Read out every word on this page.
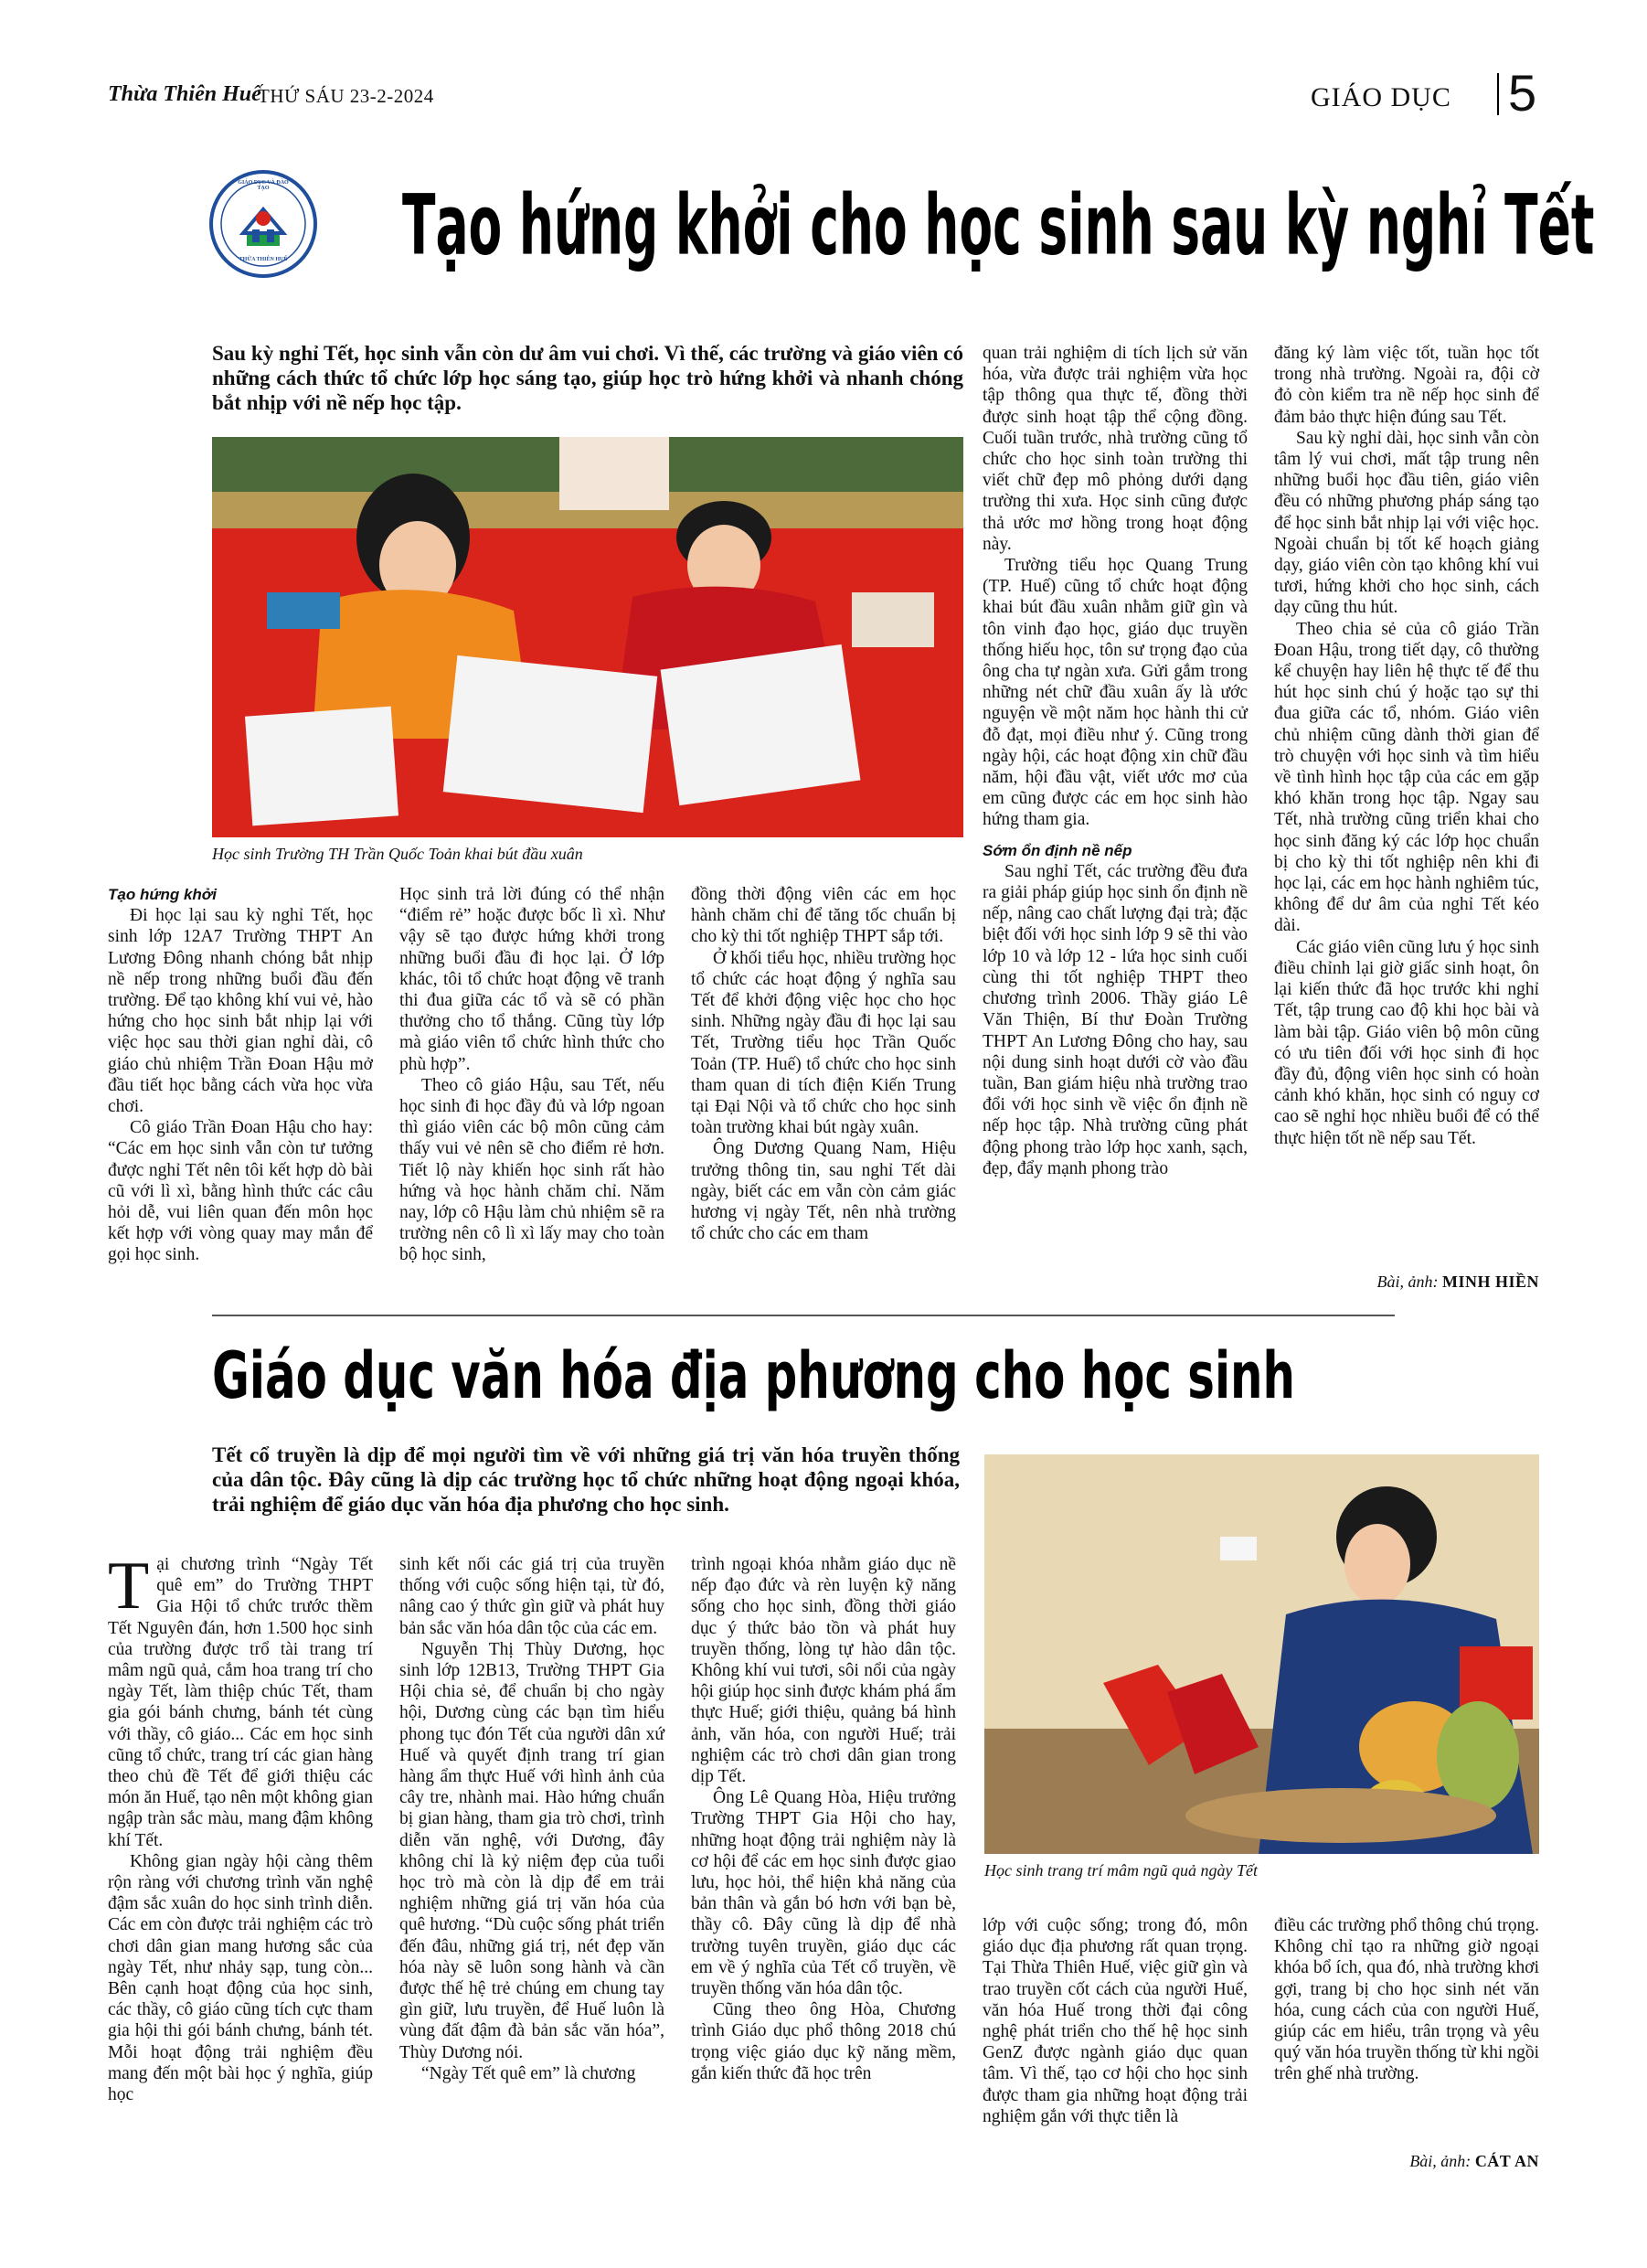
Thừa Thiên Huế
THỨ SÁU 23-2-2024	GIÁO DỤC 5
GIÁO DỤC VÀ ĐÀO TẠO
THỪA THIÊN HUẾ Tạo hứng khởi cho học sinh sau kỳ nghỉ Tết

Sau kỳ nghỉ Tết, học sinh vẫn còn dư âm vui chơi. Vì thế, các trường và giáo viên có những cách thức tổ chức lớp học sáng tạo, giúp học trò hứng khởi và nhanh chóng bắt nhịp với nề nếp học tập.

Học sinh Trường TH Trần Quốc Toản khai bút đầu xuân

Tạo hứng khởi

Đi học lại sau kỳ nghỉ Tết, học sinh lớp 12A7 Trường THPT An Lương Đông nhanh chóng bắt nhịp nề nếp trong những buổi đầu đến trường. Để tạo không khí vui vẻ, hào hứng cho học sinh bắt nhịp lại với việc học sau thời gian nghỉ dài, cô giáo chủ nhiệm Trần Đoan Hậu mở đầu tiết học bằng cách vừa học vừa chơi.

Cô giáo Trần Đoan Hậu cho hay: “Các em học sinh vẫn còn tư tưởng được nghỉ Tết nên tôi kết hợp dò bài cũ với lì xì, bằng hình thức các câu hỏi dễ, vui liên quan đến môn học kết hợp với vòng quay may mắn để gọi học sinh.

Học sinh trả lời đúng có thể nhận “điểm rẻ” hoặc được bốc lì xì. Như vậy sẽ tạo được hứng khởi trong những buổi đầu đi học lại. Ở lớp khác, tôi tổ chức hoạt động vẽ tranh thi đua giữa các tổ và sẽ có phần thưởng cho tổ thắng. Cũng tùy lớp mà giáo viên tổ chức hình thức cho phù hợp”.

Theo cô giáo Hậu, sau Tết, nếu học sinh đi học đầy đủ và lớp ngoan thì giáo viên các bộ môn cũng cảm thấy vui vẻ nên sẽ cho điểm rẻ hơn. Tiết lộ này khiến học sinh rất hào hứng và học hành chăm chỉ. Năm nay, lớp cô Hậu làm chủ nhiệm sẽ ra trường nên cô lì xì lấy may cho toàn bộ học sinh,

đồng thời động viên các em học hành chăm chỉ để tăng tốc chuẩn bị cho kỳ thi tốt nghiệp THPT sắp tới.

Ở khối tiểu học, nhiều trường học tổ chức các hoạt động ý nghĩa sau Tết để khởi động việc học cho học sinh. Những ngày đầu đi học lại sau Tết, Trường tiểu học Trần Quốc Toản (TP. Huế) tổ chức cho học sinh tham quan di tích điện Kiến Trung tại Đại Nội và tổ chức cho học sinh toàn trường khai bút ngày xuân.

Ông Dương Quang Nam, Hiệu trưởng thông tin, sau nghỉ Tết dài ngày, biết các em vẫn còn cảm giác hương vị ngày Tết, nên nhà trường tổ chức cho các em tham

quan trải nghiệm di tích lịch sử văn hóa, vừa được trải nghiệm vừa học tập thông qua thực tế, đồng thời được sinh hoạt tập thể cộng đồng. Cuối tuần trước, nhà trường cũng tổ chức cho học sinh toàn trường thi viết chữ đẹp mô phỏng dưới dạng trường thi xưa. Học sinh cũng được thả ước mơ hồng trong hoạt động này.

Trường tiểu học Quang Trung (TP. Huế) cũng tổ chức hoạt động khai bút đầu xuân nhằm giữ gìn và tôn vinh đạo học, giáo dục truyền thống hiếu học, tôn sư trọng đạo của ông cha tự ngàn xưa. Gửi gắm trong những nét chữ đầu xuân ấy là ước nguyện về một năm học hành thi cử đỗ đạt, mọi điều như ý. Cũng trong ngày hội, các hoạt động xin chữ đầu năm, hội đầu vật, viết ước mơ của em cũng được các em học sinh hào hứng tham gia.

Sớm ổn định nề nếp

Sau nghỉ Tết, các trường đều đưa ra giải pháp giúp học sinh ổn định nề nếp, nâng cao chất lượng đại trà; đặc biệt đối với học sinh lớp 9 sẽ thi vào lớp 10 và lớp 12 - lứa học sinh cuối cùng thi tốt nghiệp THPT theo chương trình 2006. Thầy giáo Lê Văn Thiện, Bí thư Đoàn Trường THPT An Lương Đông cho hay, sau nội dung sinh hoạt dưới cờ vào đầu tuần, Ban giám hiệu nhà trường trao đổi với học sinh về việc ổn định nề nếp học tập. Nhà trường cũng phát động phong trào lớp học xanh, sạch, đẹp, đẩy mạnh phong trào

đăng ký làm việc tốt, tuần học tốt trong nhà trường. Ngoài ra, đội cờ đỏ còn kiểm tra nề nếp học sinh để đảm bảo thực hiện đúng sau Tết.

Sau kỳ nghỉ dài, học sinh vẫn còn tâm lý vui chơi, mất tập trung nên những buổi học đầu tiên, giáo viên đều có những phương pháp sáng tạo để học sinh bắt nhịp lại với việc học. Ngoài chuẩn bị tốt kế hoạch giảng dạy, giáo viên còn tạo không khí vui tươi, hứng khởi cho học sinh, cách dạy cũng thu hút.

Theo chia sẻ của cô giáo Trần Đoan Hậu, trong tiết dạy, cô thường kể chuyện hay liên hệ thực tế để thu hút học sinh chú ý hoặc tạo sự thi đua giữa các tổ, nhóm. Giáo viên chủ nhiệm cũng dành thời gian để trò chuyện với học sinh và tìm hiểu về tình hình học tập của các em gặp khó khăn trong học tập. Ngay sau Tết, nhà trường cũng triển khai cho học sinh đăng ký các lớp học chuẩn bị cho kỳ thi tốt nghiệp nên khi đi học lại, các em học hành nghiêm túc, không để dư âm của nghỉ Tết kéo dài.

Các giáo viên cũng lưu ý học sinh điều chỉnh lại giờ giấc sinh hoạt, ôn lại kiến thức đã học trước khi nghỉ Tết, tập trung cao độ khi học bài và làm bài tập. Giáo viên bộ môn cũng có ưu tiên đối với học sinh đi học đầy đủ, động viên học sinh có hoàn cảnh khó khăn, học sinh có nguy cơ cao sẽ nghỉ học nhiều buổi để có thể thực hiện tốt nề nếp sau Tết.

Bài, ảnh: MINH HIỀN
Giáo dục văn hóa địa phương cho học sinh

Tết cổ truyền là dịp để mọi người tìm về với những giá trị văn hóa truyền thống của dân tộc. Đây cũng là dịp các trường học tổ chức những hoạt động ngoại khóa, trải nghiệm để giáo dục văn hóa địa phương cho học sinh.

Học sinh trang trí mâm ngũ quả ngày Tết

Tại chương trình “Ngày Tết quê em” do Trường THPT Gia Hội tổ chức trước thềm Tết Nguyên đán, hơn 1.500 học sinh của trường được trổ tài trang trí mâm ngũ quả, cắm hoa trang trí cho ngày Tết, làm thiệp chúc Tết, tham gia gói bánh chưng, bánh tét cùng với thầy, cô giáo... Các em học sinh cũng tổ chức, trang trí các gian hàng theo chủ đề Tết để giới thiệu các món ăn Huế, tạo nên một không gian ngập tràn sắc màu, mang đậm không khí Tết.

Không gian ngày hội càng thêm rộn ràng với chương trình văn nghệ đậm sắc xuân do học sinh trình diễn. Các em còn được trải nghiệm các trò chơi dân gian mang hương sắc của ngày Tết, như nhảy sạp, tung còn... Bên cạnh hoạt động của học sinh, các thầy, cô giáo cũng tích cực tham gia hội thi gói bánh chưng, bánh tét. Mỗi hoạt động trải nghiệm đều mang đến một bài học ý nghĩa, giúp học

sinh kết nối các giá trị của truyền thống với cuộc sống hiện tại, từ đó, nâng cao ý thức gìn giữ và phát huy bản sắc văn hóa dân tộc của các em.

Nguyễn Thị Thùy Dương, học sinh lớp 12B13, Trường THPT Gia Hội chia sẻ, để chuẩn bị cho ngày hội, Dương cùng các bạn tìm hiểu phong tục đón Tết của người dân xứ Huế và quyết định trang trí gian hàng ẩm thực Huế với hình ảnh của cây tre, nhành mai. Hào hứng chuẩn bị gian hàng, tham gia trò chơi, trình diễn văn nghệ, với Dương, đây không chỉ là kỷ niệm đẹp của tuổi học trò mà còn là dịp để em trải nghiệm những giá trị văn hóa của quê hương. “Dù cuộc sống phát triển đến đâu, những giá trị, nét đẹp văn hóa này sẽ luôn song hành và cần được thế hệ trẻ chúng em chung tay gìn giữ, lưu truyền, để Huế luôn là vùng đất đậm đà bản sắc văn hóa”, Thùy Dương nói.

“Ngày Tết quê em” là chương

trình ngoại khóa nhằm giáo dục nề nếp đạo đức và rèn luyện kỹ năng sống cho học sinh, đồng thời giáo dục ý thức bảo tồn và phát huy truyền thống, lòng tự hào dân tộc. Không khí vui tươi, sôi nổi của ngày hội giúp học sinh được khám phá ẩm thực Huế; giới thiệu, quảng bá hình ảnh, văn hóa, con người Huế; trải nghiệm các trò chơi dân gian trong dịp Tết.

Ông Lê Quang Hòa, Hiệu trưởng Trường THPT Gia Hội cho hay, những hoạt động trải nghiệm này là cơ hội để các em học sinh được giao lưu, học hỏi, thể hiện khả năng của bản thân và gắn bó hơn với bạn bè, thầy cô. Đây cũng là dịp để nhà trường tuyên truyền, giáo dục các em về ý nghĩa của Tết cổ truyền, về truyền thống văn hóa dân tộc.

Cũng theo ông Hòa, Chương trình Giáo dục phổ thông 2018 chú trọng việc giáo dục kỹ năng mềm, gắn kiến thức đã học trên

lớp với cuộc sống; trong đó, môn giáo dục địa phương rất quan trọng. Tại Thừa Thiên Huế, việc giữ gìn và trao truyền cốt cách của người Huế, văn hóa Huế trong thời đại công nghệ phát triển cho thế hệ học sinh GenZ được ngành giáo dục quan tâm. Vì thế, tạo cơ hội cho học sinh được tham gia những hoạt động trải nghiệm gắn với thực tiễn là

điều các trường phổ thông chú trọng. Không chỉ tạo ra những giờ ngoại khóa bổ ích, qua đó, nhà trường khơi gợi, trang bị cho học sinh nét văn hóa, cung cách của con người Huế, giúp các em hiểu, trân trọng và yêu quý văn hóa truyền thống từ khi ngồi trên ghế nhà trường.

Bài, ảnh: CÁT AN
